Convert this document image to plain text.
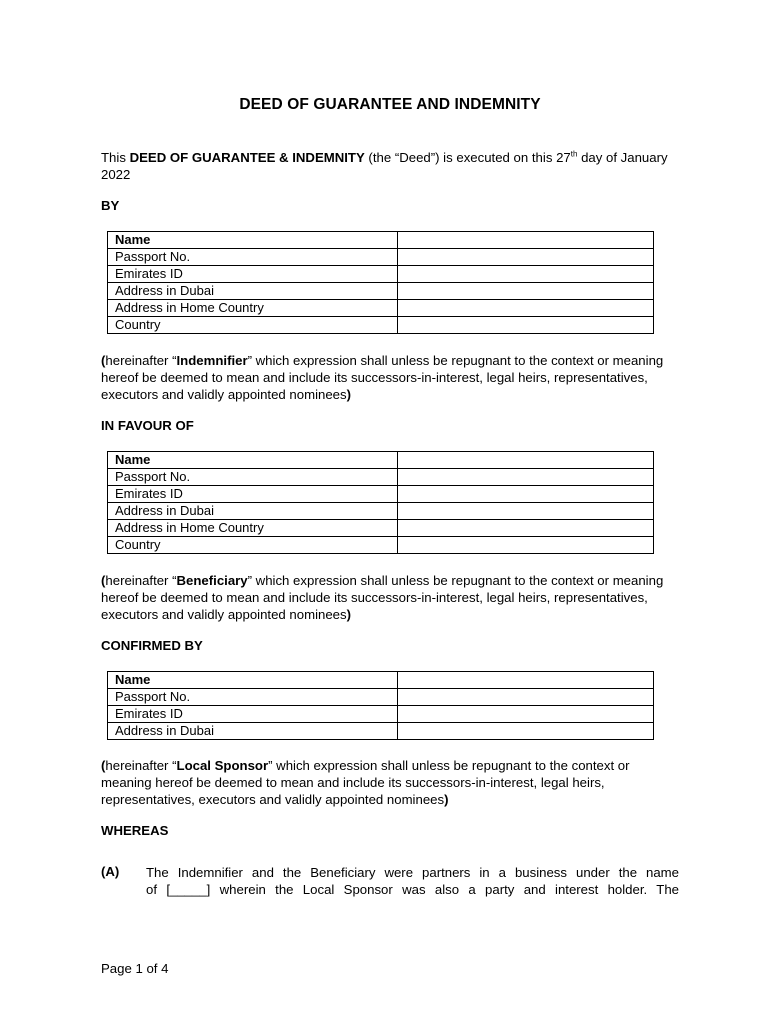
DEED OF GUARANTEE AND INDEMNITY
This DEED OF GUARANTEE & INDEMNITY (the “Deed”) is executed on this 27th day of January 2022
BY
Name	
Passport No.	
Emirates ID	
Address in Dubai	
Address in Home Country	
Country	
(hereinafter “Indemnifier” which expression shall unless be repugnant to the context or meaning hereof be deemed to mean and include its successors-in-interest, legal heirs, representatives, executors and validly appointed nominees)
IN FAVOUR OF
Name	
Passport No.	
Emirates ID	
Address in Dubai	
Address in Home Country	
Country	
(hereinafter “Beneficiary” which expression shall unless be repugnant to the context or meaning hereof be deemed to mean and include its successors-in-interest, legal heirs, representatives, executors and validly appointed nominees)
CONFIRMED BY
Name	
Passport No.	
Emirates ID	
Address in Dubai	
(hereinafter “Local Sponsor” which expression shall unless be repugnant to the context or meaning hereof be deemed to mean and include its successors-in-interest, legal heirs, representatives, executors and validly appointed nominees)
WHEREAS
(A) The Indemnifier and the Beneficiary were partners in a business under the name
of [_____] wherein the Local Sponsor was also a party and interest holder. The
Page 1 of 4
